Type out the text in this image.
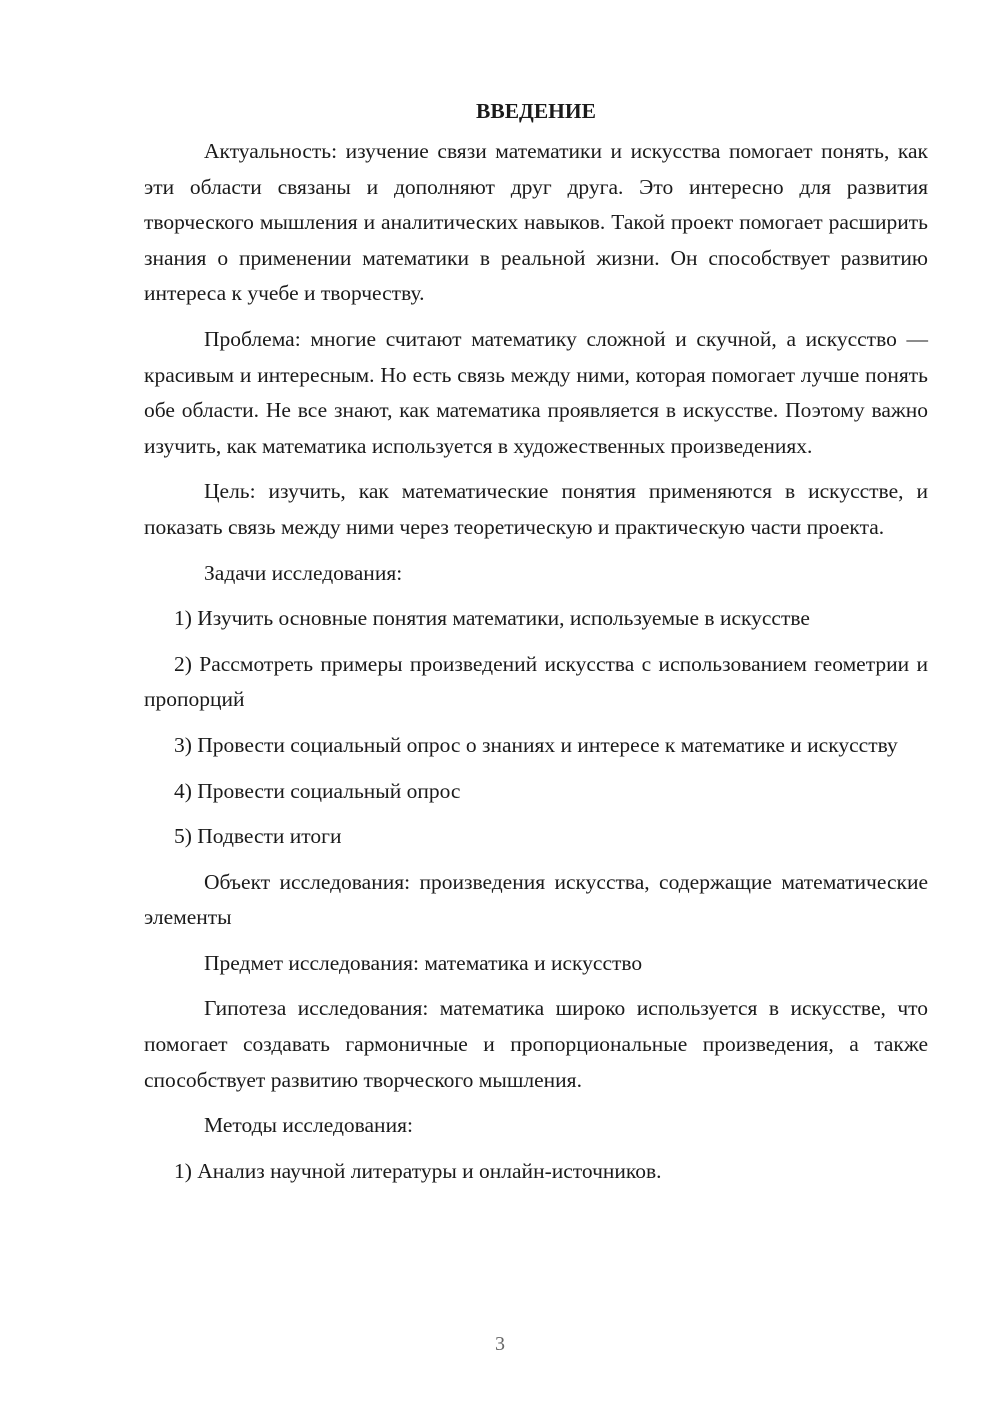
ВВЕДЕНИЕ

Актуальность: изучение связи математики и искусства помогает понять, как эти области связаны и дополняют друг друга. Это интересно для развития творческого мышления и аналитических навыков. Такой проект помогает расширить знания о применении математики в реальной жизни. Он способствует развитию интереса к учебе и творчеству.

Проблема: многие считают математику сложной и скучной, а искусство — красивым и интересным. Но есть связь между ними, которая помогает лучше понять обе области. Не все знают, как математика проявляется в искусстве. Поэтому важно изучить, как математика используется в художественных произведениях.

Цель: изучить, как математические понятия применяются в искусстве, и показать связь между ними через теоретическую и практическую части проекта.

Задачи исследования:

1) Изучить основные понятия математики, используемые в искусстве

2) Рассмотреть примеры произведений искусства с использованием геометрии и пропорций

3) Провести социальный опрос о знаниях и интересе к математике и искусству

4) Провести социальный опрос

5) Подвести итоги

Объект исследования: произведения искусства, содержащие математические элементы

Предмет исследования: математика и искусство

Гипотеза исследования: математика широко используется в искусстве, что помогает создавать гармоничные и пропорциональные произведения, а также способствует развитию творческого мышления.

Методы исследования:

1) Анализ научной литературы и онлайн-источников.

3
